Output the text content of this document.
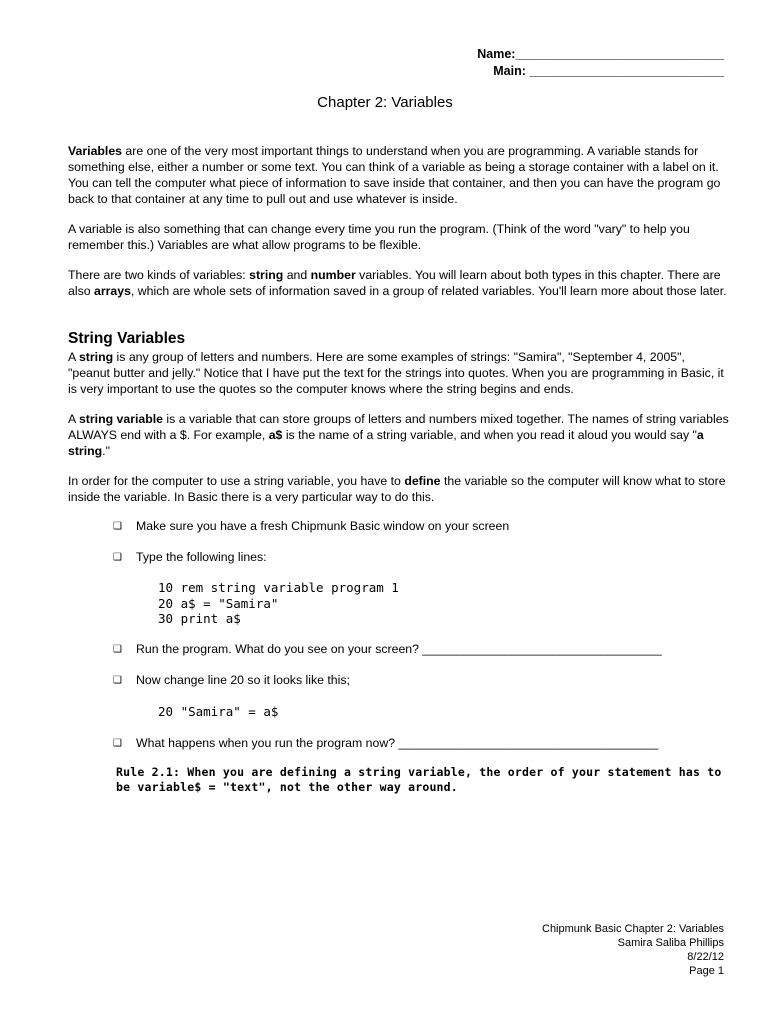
Name:______________________________
Main: ____________________________
Chapter 2: Variables
Variables are one of the very most important things to understand when you are programming. A variable stands for something else, either a number or some text. You can think of a variable as being a storage container with a label on it. You can tell the computer what piece of information to save inside that container, and then you can have the program go back to that container at any time to pull out and use whatever is inside.
A variable is also something that can change every time you run the program. (Think of the word "vary" to help you remember this.) Variables are what allow programs to be flexible.
There are two kinds of variables: string and number variables. You will learn about both types in this chapter. There are also arrays, which are whole sets of information saved in a group of related variables. You'll learn more about those later.
String Variables
A string is any group of letters and numbers. Here are some examples of strings: "Samira", "September 4, 2005", "peanut butter and jelly." Notice that I have put the text for the strings into quotes. When you are programming in Basic, it is very important to use the quotes so the computer knows where the string begins and ends.
A string variable is a variable that can store groups of letters and numbers mixed together. The names of string variables ALWAYS end with a $. For example, a$ is the name of a string variable, and when you read it aloud you would say "a string."
In order for the computer to use a string variable, you have to define the variable so the computer will know what to store inside the variable. In Basic there is a very particular way to do this.
❑ Make sure you have a fresh Chipmunk Basic window on your screen
❑ Type the following lines:
10 rem string variable program 1
20 a$ = "Samira"
30 print a$
❑ Run the program. What do you see on your screen? ___________________________________
❑ Now change line 20 so it looks like this;
20 "Samira" = a$
❑ What happens when you run the program now? ______________________________________
Rule 2.1: When you are defining a string variable, the order of your statement has to be variable$ = "text", not the other way around.
Chipmunk Basic Chapter 2: Variables
Samira Saliba Phillips
8/22/12
Page 1
